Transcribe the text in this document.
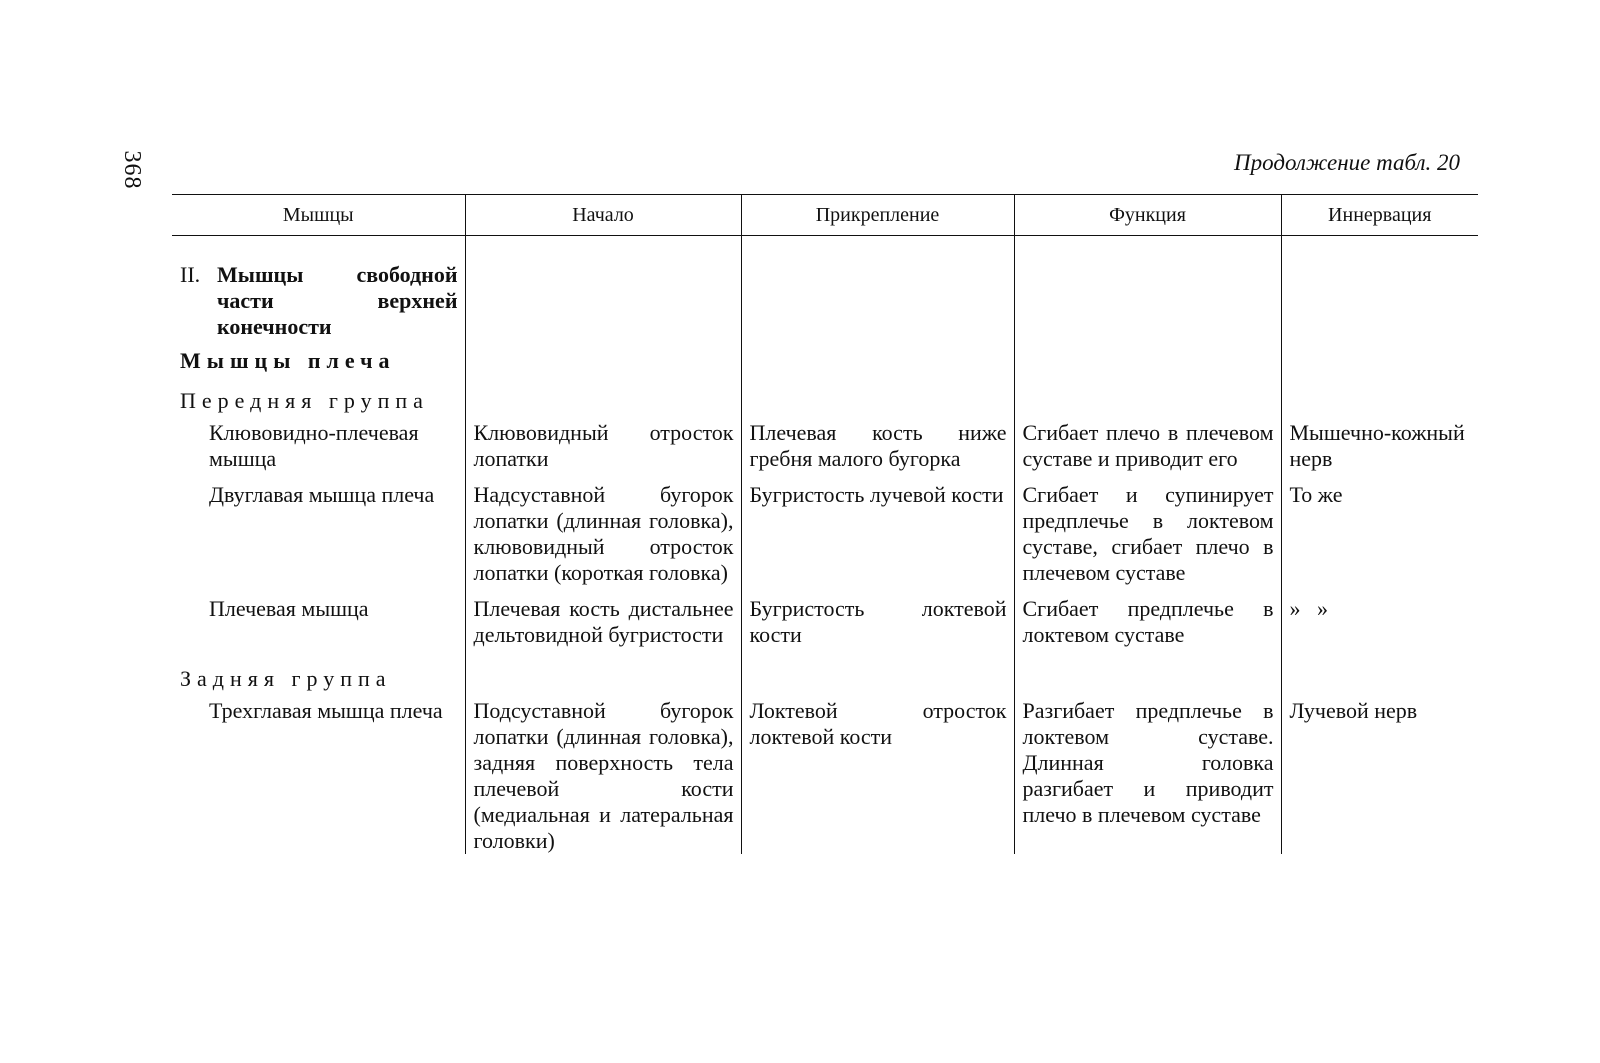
368	Продолжение табл. 20
Мышцы	Начало	Прикрепление	Функция	Иннервация

II. Мышцы свободной части верхней конечности				

Мышцы плеча				
Передняя группа				
Клювовидно-плечевая мышца	Клювовидный отросток лопатки	Плечевая кость ниже гребня малого бугорка	Сгибает плечо в плечевом суставе и приводит его	Мышечно-кожный нерв
Двуглавая мышца плеча	Надсуставной бугорок лопатки (длинная головка), клювовидный отросток лопатки (короткая головка)	Бугристость лучевой кости	Сгибает и супинирует предплечье в локтевом суставе, сгибает плечо в плечевом суставе	То же
Плечевая мышца	Плечевая кость дистальнее дельтовидной бугристости	Бугристость локтевой кости	Сгибает предплечье в локтевом суставе	»   »
Задняя группа				
Трехглавая мышца плеча	Подсуставной бугорок лопатки (длинная головка), задняя поверхность тела плечевой кости (медиальная и латеральная головки)	Локтевой отросток локтевой кости	Разгибает предплечье в локтевом суставе. Длинная головка разгибает и приводит плечо в плечевом суставе	Лучевой нерв
